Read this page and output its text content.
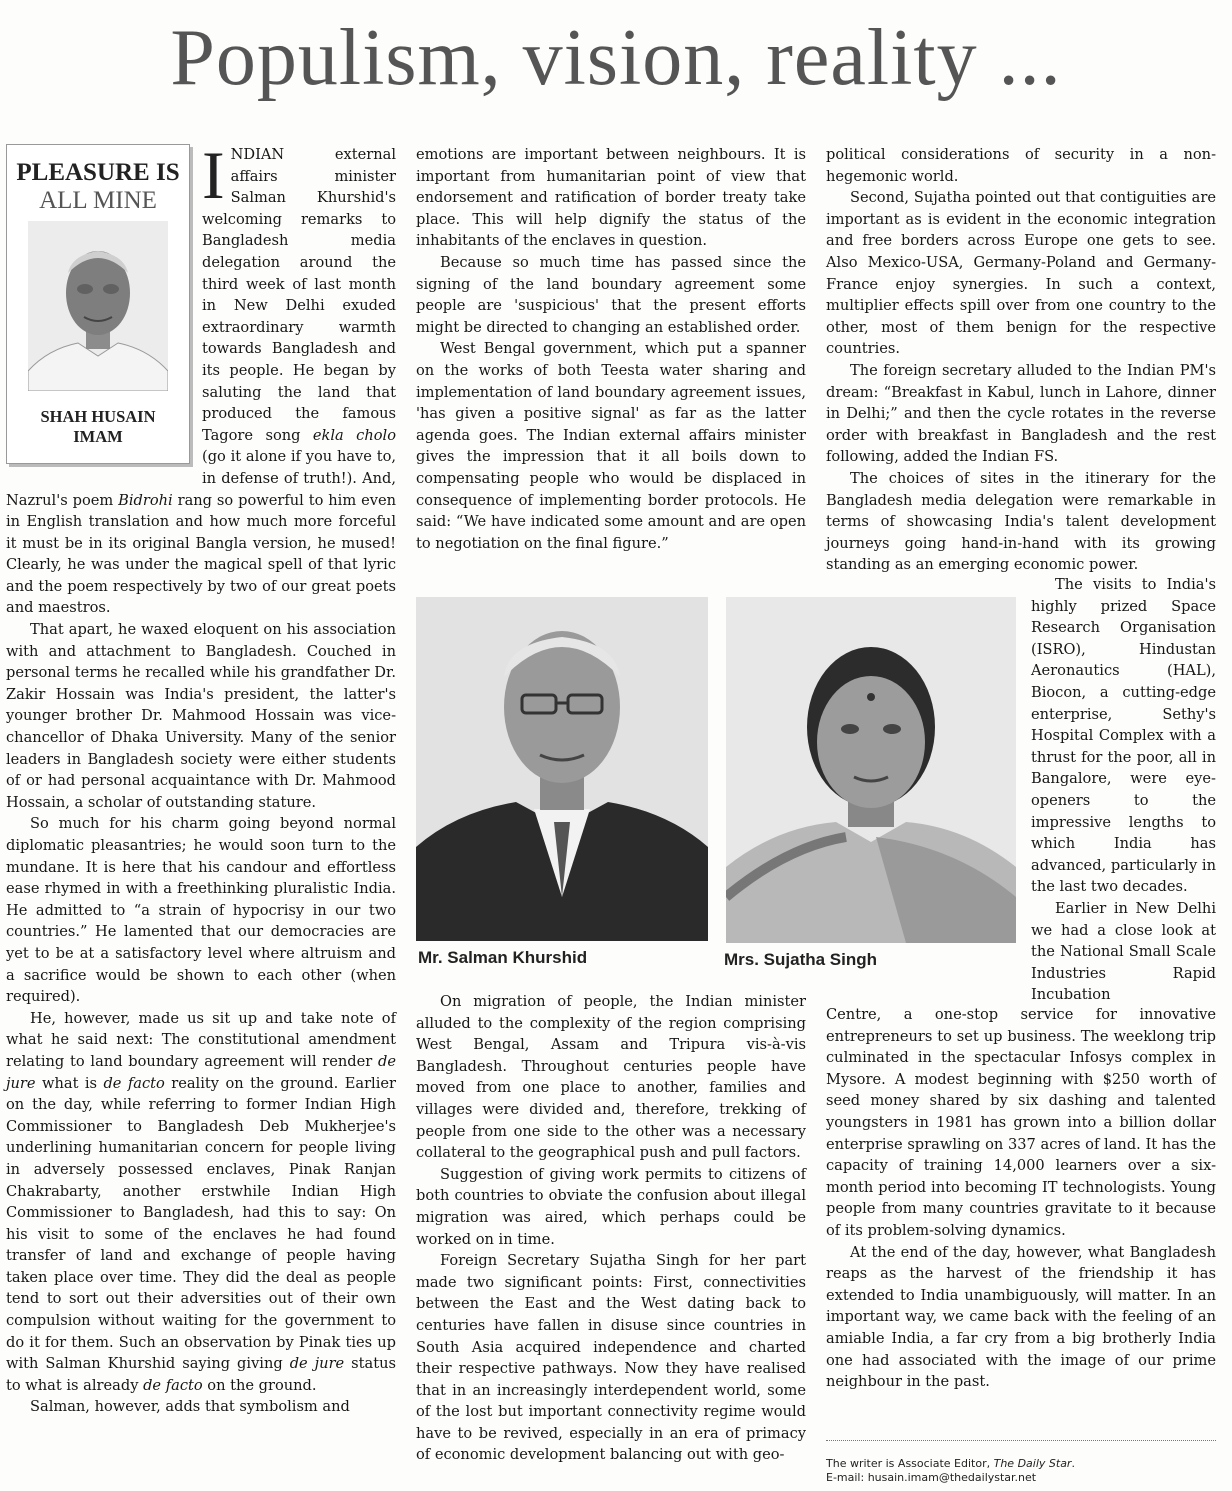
Populism, vision, reality ...
PLEASURE IS
ALL MINE
SHAH HUSAIN
IMAM

INDIAN external affairs minister Salman Khurshid's welcoming remarks to Bangladesh media delegation around the third week of last month in New Delhi exuded extraordinary warmth towards Bangladesh and its people. He began by saluting the land that produced the famous Tagore song ekla cholo (go it alone if you have to, in defense of truth!). And, Nazrul's poem Bidrohi rang so powerful to him even in English translation and how much more forceful it must be in its original Bangla version, he mused! Clearly, he was under the magical spell of that lyric and the poem respectively by two of our great poets and maestros.

That apart, he waxed eloquent on his association with and attachment to Bangladesh. Couched in personal terms he recalled while his grandfather Dr. Zakir Hossain was India's president, the latter's younger brother Dr. Mahmood Hossain was vice-chancellor of Dhaka University. Many of the senior leaders in Bangladesh society were either students of or had personal acquaintance with Dr. Mahmood Hossain, a scholar of outstanding stature.

So much for his charm going beyond normal diplomatic pleasantries; he would soon turn to the mundane. It is here that his candour and effortless ease rhymed in with a freethinking pluralistic India. He admitted to “a strain of hypocrisy in our two countries.” He lamented that our democracies are yet to be at a satisfactory level where altruism and a sacrifice would be shown to each other (when required).

He, however, made us sit up and take note of what he said next: The constitutional amendment relating to land boundary agreement will render de jure what is de facto reality on the ground. Earlier on the day, while referring to former Indian High Commissioner to Bangladesh Deb Mukherjee's underlining humanitarian concern for people living in adversely possessed enclaves, Pinak Ranjan Chakrabarty, another erstwhile Indian High Commissioner to Bangladesh, had this to say: On his visit to some of the enclaves he had found transfer of land and exchange of people having taken place over time. They did the deal as people tend to sort out their adversities out of their own compulsion without waiting for the government to do it for them. Such an observation by Pinak ties up with Salman Khurshid saying giving de jure status to what is already de facto on the ground.

Salman, however, adds that symbolism and

emotions are important between neighbours. It is important from humanitarian point of view that endorsement and ratification of border treaty take place. This will help dignify the status of the inhabitants of the enclaves in question.

Because so much time has passed since the signing of the land boundary agreement some people are 'suspicious' that the present efforts might be directed to changing an established order.

West Bengal government, which put a spanner on the works of both Teesta water sharing and implementation of land boundary agreement issues, 'has given a positive signal' as far as the latter agenda goes. The Indian external affairs minister gives the impression that it all boils down to compensating people who would be displaced in consequence of implementing border protocols. He said: “We have indicated some amount and are open to negotiation on the final figure.”

Mr. Salman Khurshid	Mrs. Sujatha Singh

On migration of people, the Indian minister alluded to the complexity of the region comprising West Bengal, Assam and Tripura vis-à-vis Bangladesh. Throughout centuries people have moved from one place to another, families and villages were divided and, therefore, trekking of people from one side to the other was a necessary collateral to the geographical push and pull factors.

Suggestion of giving work permits to citizens of both countries to obviate the confusion about illegal migration was aired, which perhaps could be worked on in time.

Foreign Secretary Sujatha Singh for her part made two significant points: First, connectivities between the East and the West dating back to centuries have fallen in disuse since countries in South Asia acquired independence and charted their respective pathways. Now they have realised that in an increasingly interdependent world, some of the lost but important connectivity regime would have to be revived, especially in an era of primacy of economic development balancing out with geo-

political considerations of security in a non-hegemonic world.

Second, Sujatha pointed out that contiguities are important as is evident in the economic integration and free borders across Europe one gets to see. Also Mexico-USA, Germany-Poland and Germany-France enjoy synergies. In such a context, multiplier effects spill over from one country to the other, most of them benign for the respective countries.

The foreign secretary alluded to the Indian PM's dream: “Breakfast in Kabul, lunch in Lahore, dinner in Delhi;” and then the cycle rotates in the reverse order with breakfast in Bangladesh and the rest following, added the Indian FS.

The choices of sites in the itinerary for the Bangladesh media delegation were remarkable in terms of showcasing India's talent development journeys going hand-in-hand with its growing standing as an emerging economic power.

The visits to India's highly prized Space Research Organisation (ISRO), Hindustan Aeronautics (HAL), Biocon, a cutting-edge enterprise, Sethy's Hospital Complex with a thrust for the poor, all in Bangalore, were eye-openers to the impressive lengths to which India has advanced, particularly in the last two decades.

Earlier in New Delhi we had a close look at the National Small Scale Industries Rapid Incubation

Centre, a one-stop service for innovative entrepreneurs to set up business. The weeklong trip culminated in the spectacular Infosys complex in Mysore. A modest beginning with $250 worth of seed money shared by six dashing and talented youngsters in 1981 has grown into a billion dollar enterprise sprawling on 337 acres of land. It has the capacity of training 14,000 learners over a six-month period into becoming IT technologists. Young people from many countries gravitate to it because of its problem-solving dynamics.

At the end of the day, however, what Bangladesh reaps as the harvest of the friendship it has extended to India unambiguously, will matter. In an important way, we came back with the feeling of an amiable India, a far cry from a big brotherly India one had associated with the image of our prime neighbour in the past.

The writer is Associate Editor, The Daily Star.
E-mail: husain.imam@thedailystar.net
